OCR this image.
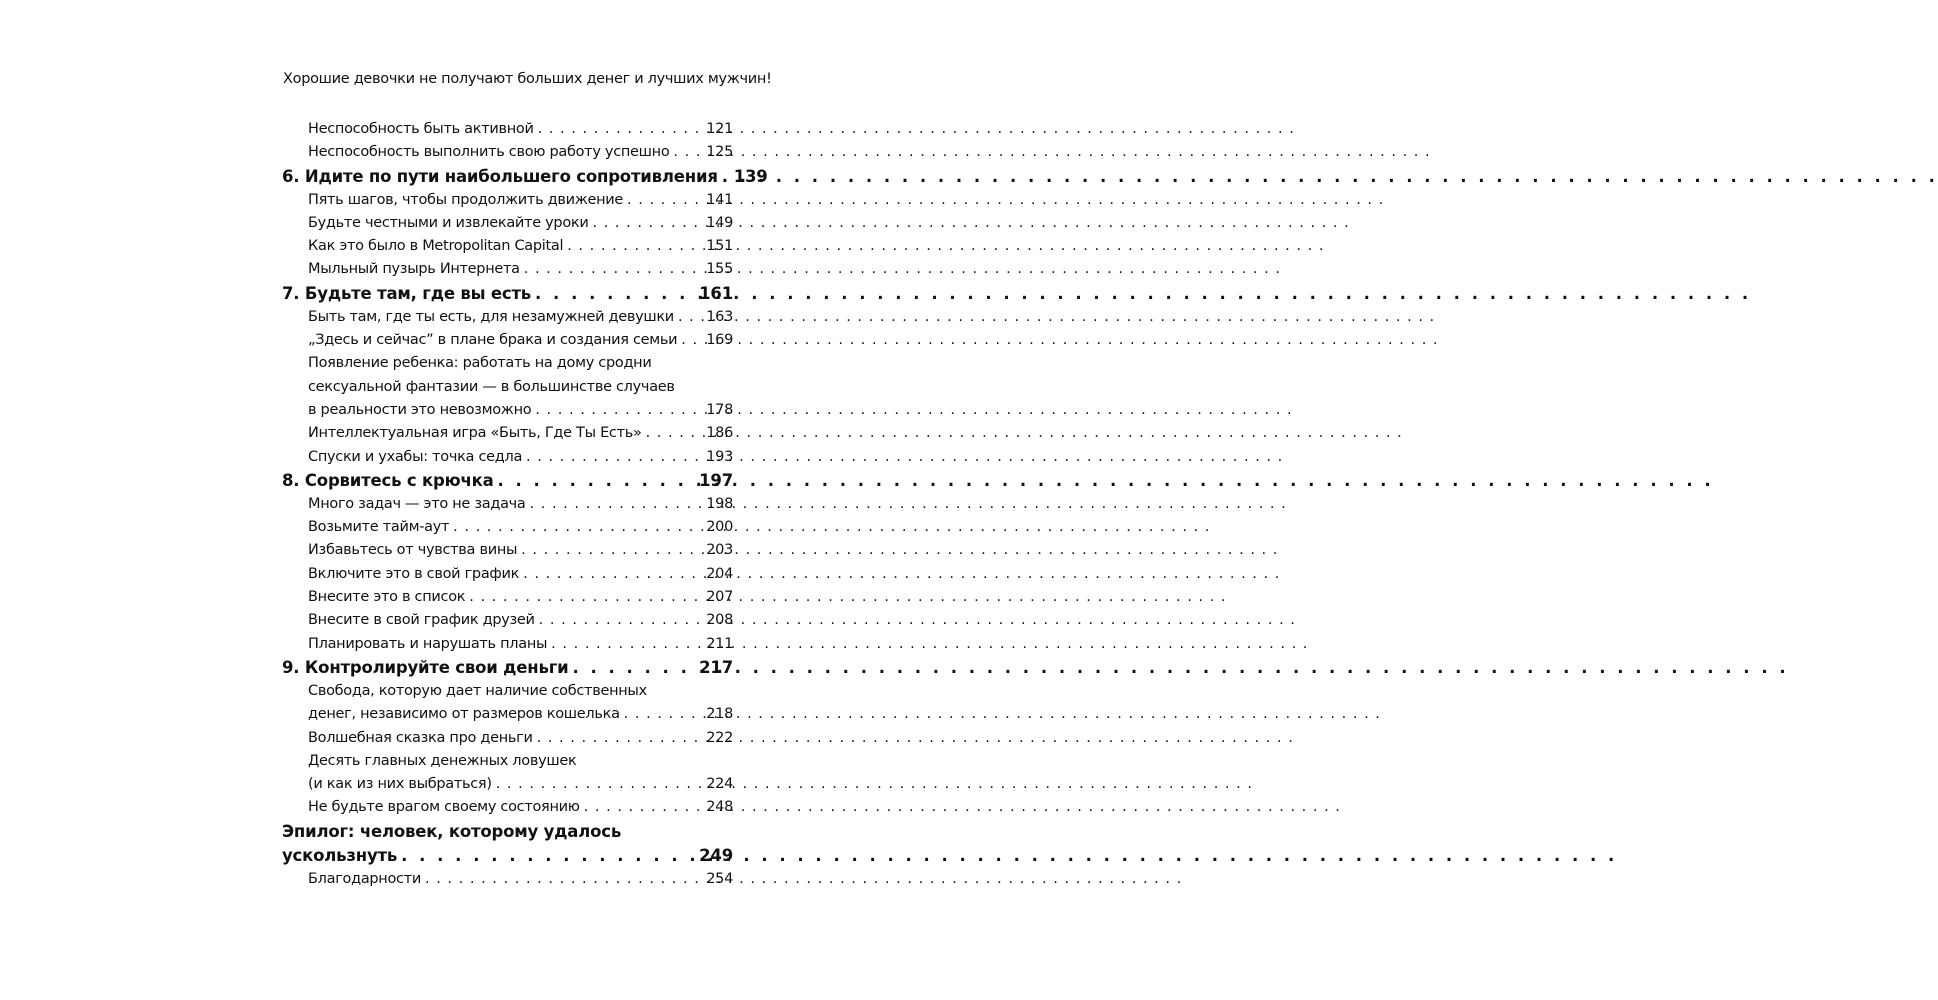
Хорошие девочки не получают больших денег и лучших мужчин!
Неспособность быть активной . . .	121
Неспособность выполнить свою работу успешно . . .	125
6. Идите по пути наибольшего сопротивления . . . 139
Пять шагов, чтобы продолжить движение . . .	141
Будьте честными и извлекайте уроки . . .	149
Как это было в Metropolitan Capital . . .	151
Мыльный пузырь Интернета . . .	155
7. Будьте там, где вы есть . . .	161
Быть там, где ты есть, для незамужней девушки . . . 163
„Здесь и сейчас” в плане брака и создания семьи . . . 169
Появление ребенка: работать на дому сродни
сексуальной фантазии — в большинстве случаев
в реальности это невозможно . . .	178
Интеллектуальная игра «Быть, Где Ты Есть» . . .	186
Спуски и ухабы: точка седла . . .	193
8. Сорвитесь с крючка . . .	197
Много задач — это не задача . . .	198
Возьмите тайм-аут . . .	200
Избавьтесь от чувства вины . . .	203
Включите это в свой график . . .	204
Внесите это в список . . .	207
Внесите в свой график друзей . . .	208
Планировать и нарушать планы . . .	211
9. Контролируйте свои деньги . . .	217
Свобода, которую дает наличие собственных
денег, независимо от размеров кошелька . . .	218
Волшебная сказка про деньги . . .	222
Десять главных денежных ловушек
(и как из них выбраться) . . .	224
Не будьте врагом своему состоянию . . .	248
Эпилог: человек, которому удалось
ускользнуть . . .	249
Благодарности . . .	254
